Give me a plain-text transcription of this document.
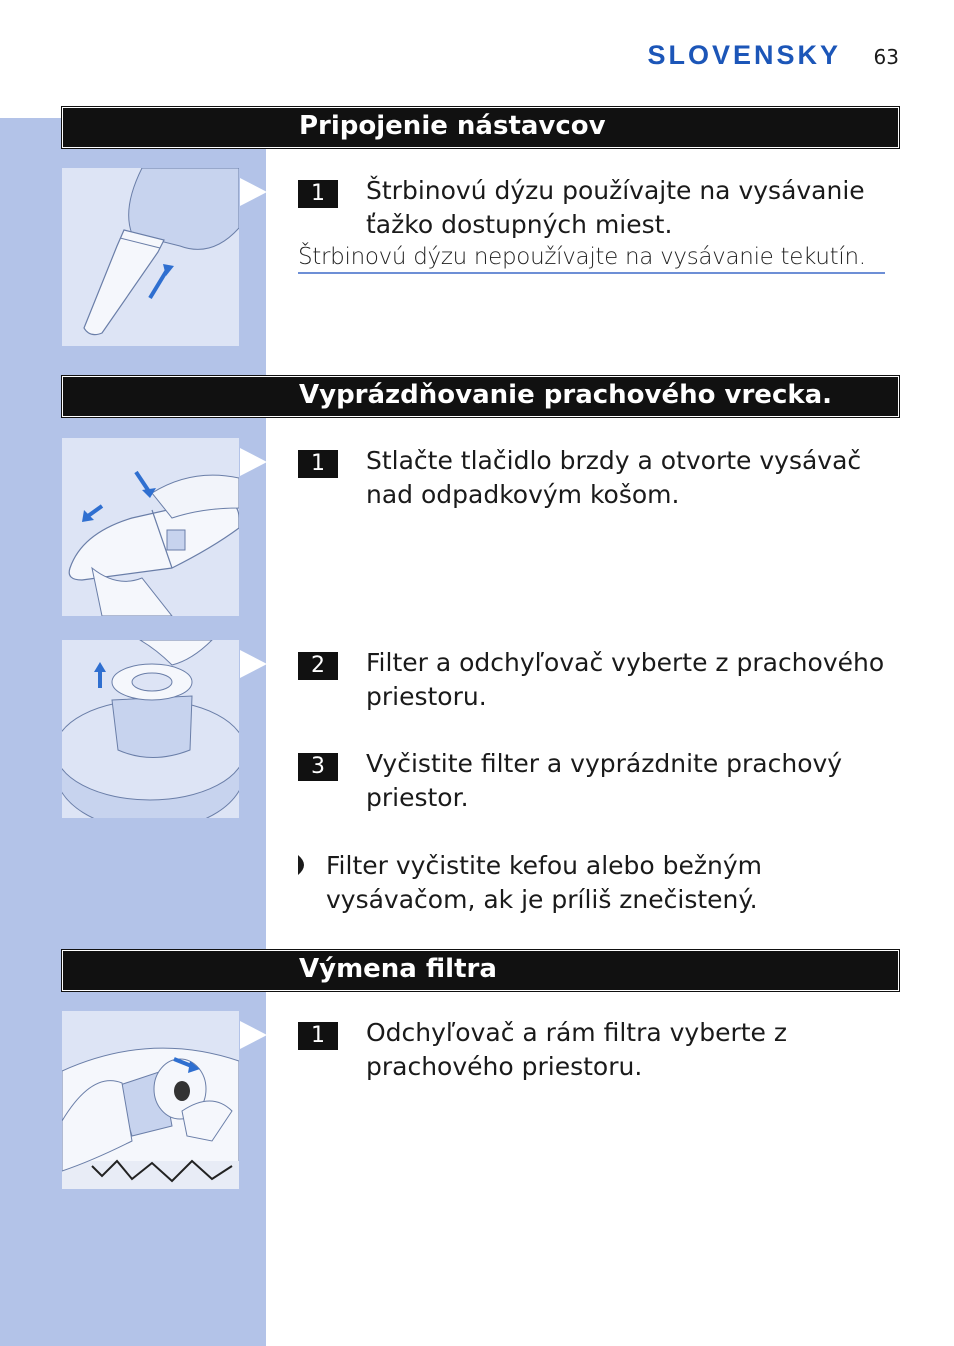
SLOVENSKY 63
Pripojenie nástavcov
1	Štrbinovú dýzu používajte na vysávanie ťažko dostupných miest.
Štrbinovú dýzu nepoužívajte na vysávanie tekutín.
Vyprázdňovanie prachového vrecka.
1	Stlačte tlačidlo brzdy a otvorte vysávač nad odpadkovým košom.
2	Filter a odchyľovač vyberte z prachového priestoru.
3	Vyčistite filter a vyprázdnite prachový priestor.
Filter vyčistite kefou alebo bežným vysávačom, ak je príliš znečistený.
Výmena filtra
1	Odchyľovač a rám filtra vyberte z prachového priestoru.
